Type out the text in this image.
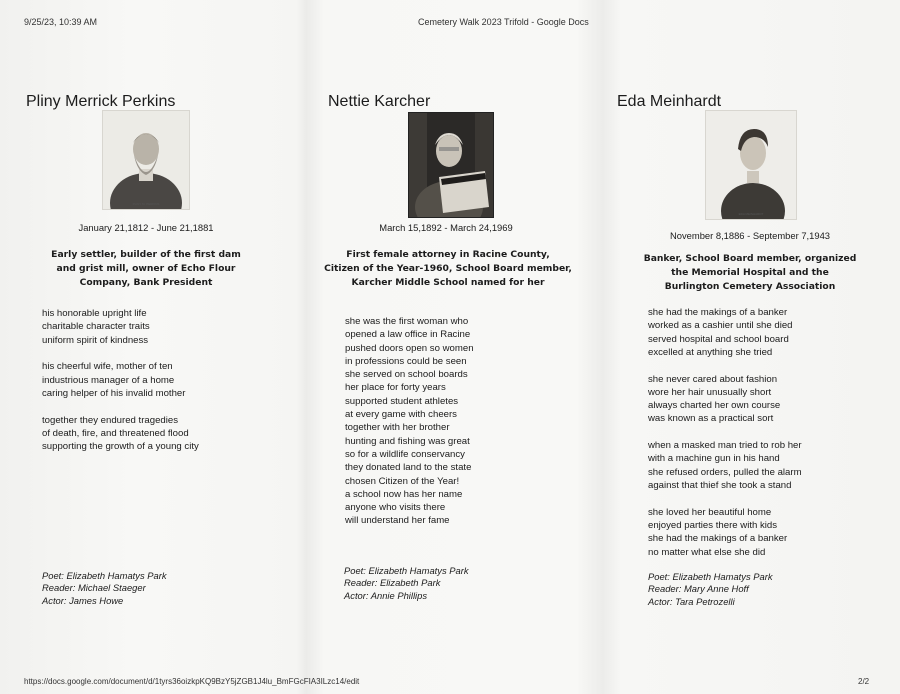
9/25/23, 10:39 AM	Cemetery Walk 2023 Trifold - Google Docs
Pliny Merrick Perkins
PLINY M. PERKINS
January 21,1812 - June 21,1881
Early settler, builder of the first dam
and grist mill, owner of Echo Flour
Company, Bank President
his honorable upright life
charitable character traits
uniform spirit of kindness
his cheerful wife, mother of ten
industrious manager of a home
caring helper of his invalid mother
together they endured tragedies
of death, fire, and threatened flood
supporting the growth of a young city
Poet: Elizabeth Hamatys Park
Reader: Michael Staeger
Actor: James Howe
Nettie Karcher
March 15,1892 - March 24,1969
First female attorney in Racine County,
Citizen of the Year-1960, School Board member,
Karcher Middle School named for her
she was the first woman who
opened a law office in Racine
pushed doors open so women
in professions could be seen
she served on school boards
her place for forty years
supported student athletes
at every game with cheers
together with her brother
hunting and fishing was great
so for a wildlife conservancy
they donated land to the state
chosen Citizen of the Year!
a school now has her name
anyone who visits there
will understand her fame
Poet: Elizabeth Hamatys Park
Reader: Elizabeth Park
Actor: Annie Phillips
Eda Meinhardt
EDA MEINHARDT
November 8,1886 - September 7,1943
Banker, School Board member, organized
the Memorial Hospital and the
Burlington Cemetery Association
she had the makings of a banker
worked as a cashier until she died
served hospital and school board
excelled at anything she tried
she never cared about fashion
wore her hair unusually short
always charted her own course
was known as a practical sort
when a masked man tried to rob her
with a machine gun in his hand
she refused orders, pulled the alarm
against that thief she took a stand
she loved her beautiful home
enjoyed parties there with kids
she had the makings of a banker
no matter what else she did
Poet: Elizabeth Hamatys Park
Reader: Mary Anne Hoff
Actor: Tara Petrozelli
https://docs.google.com/document/d/1tyrs36oizkpKQ9BzY5jZGB1J4lu_BmFGcFIA3ILzc14/edit	2/2
